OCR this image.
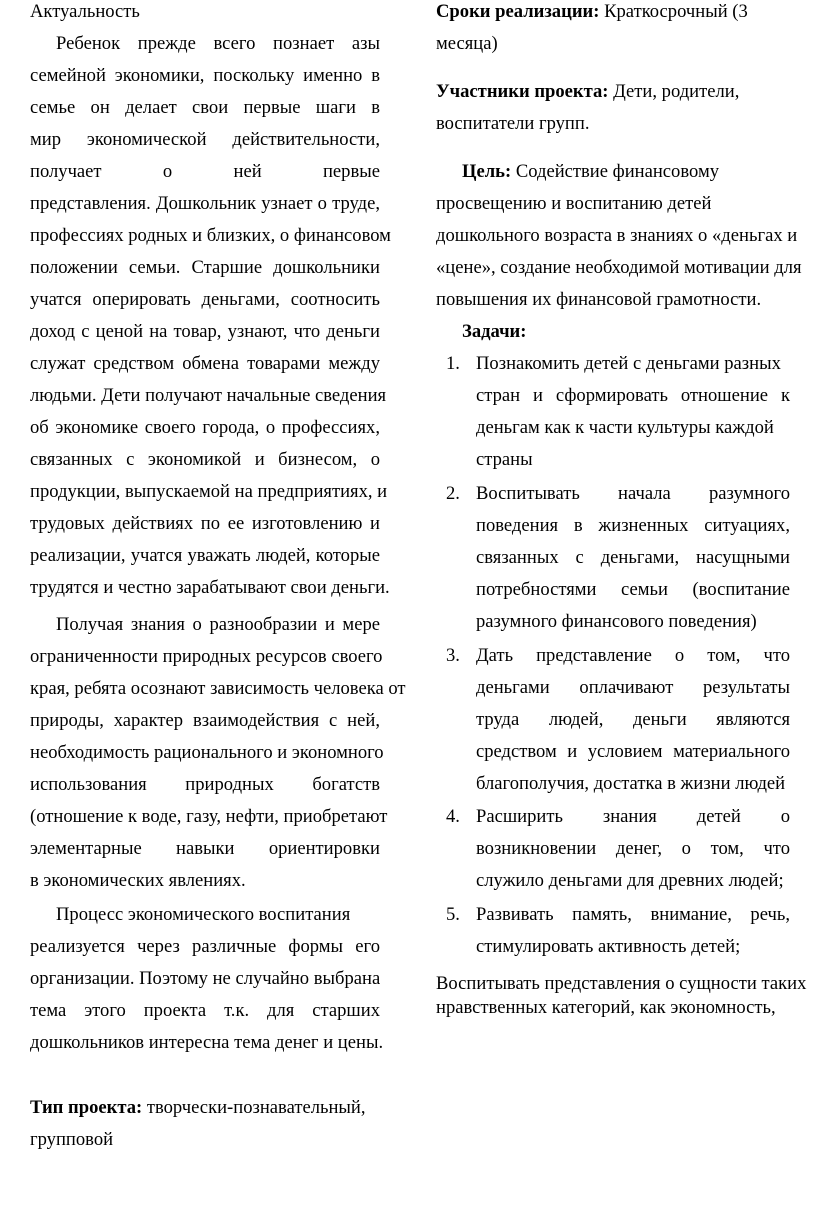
Актуальность
Ребенок прежде всего познает азы
семейной экономики, поскольку именно в
семье он делает свои первые шаги в
мир экономической действительности,
получает о ней первые
представления. Дошкольник узнает о труде,
профессиях родных и близких, о финансовом
положении семьи. Старшие дошкольники
учатся оперировать деньгами, соотносить
доход с ценой на товар, узнают, что деньги
служат средством обмена товарами между
людьми. Дети получают начальные сведения
об экономике своего города, о профессиях,
связанных с экономикой и бизнесом, о
продукции, выпускаемой на предприятиях, и
трудовых действиях по ее изготовлению и
реализации, учатся уважать людей, которые
трудятся и честно зарабатывают свои деньги.
Получая знания о разнообразии и мере
ограниченности природных ресурсов своего
края, ребята осознают зависимость человека от
природы, характер взаимодействия с ней,
необходимость рационального и экономного
использования природных богатств
(отношение к воде, газу, нефти, приобретают
элементарные навыки ориентировки
в экономических явлениях.
Процесс экономического воспитания
реализуется через различные формы его
организации. Поэтому не случайно выбрана
тема этого проекта т.к. для старших
дошкольников интересна тема денег и цены.
Тип проекта: творчески-познавательный,
групповой
Сроки реализации: Краткосрочный (3
месяца)
Участники проекта: Дети, родители,
воспитатели групп.
Цель: Содействие финансовому
просвещению и воспитанию детей
дошкольного возраста в знаниях о «деньгах и
«цене», создание необходимой мотивации для
повышения их финансовой грамотности.
Задачи:
1. Познакомить детей с деньгами разных
стран и сформировать отношение к
деньгам как к части культуры каждой
страны
2. Воспитывать начала разумного
поведения в жизненных ситуациях,
связанных с деньгами, насущными
потребностями семьи (воспитание
разумного финансового поведения)
3. Дать представление о том, что
деньгами оплачивают результаты
труда людей, деньги являются
средством и условием материального
благополучия, достатка в жизни людей
4. Расширить знания детей о
возникновении денег, о том, что
служило деньгами для древних людей;
5. Развивать память, внимание, речь,
стимулировать активность детей;
Воспитывать представления о сущности таких
нравственных категорий, как экономность,
